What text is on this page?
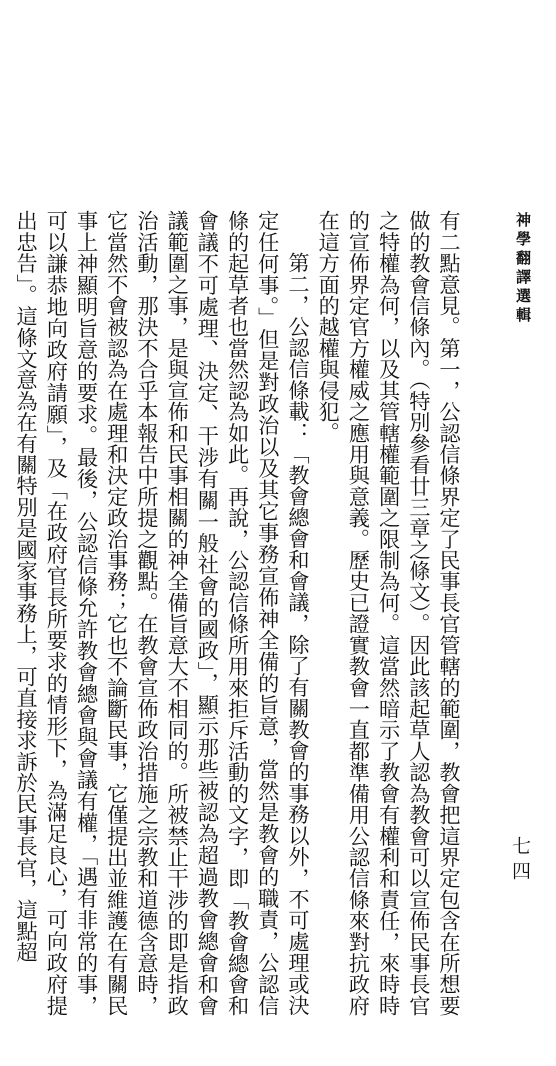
神學翻譯選輯
七四

有二點意見。第一，公認信條界定了民事長官管轄的範圍，教會把這界定包含在所想要做的教會信條內。（特別參看廿三章之條文）。因此該起草人認為教會可以宣佈民事長官之特權為何，以及其管轄權範圍之限制為何。這當然暗示了教會有權利和責任，來時時的宣佈界定官方權威之應用與意義。歷史已證實教會一直都準備用公認信條來對抗政府在這方面的越權與侵犯。

第二，公認信條載：「教會總會和會議，除了有關教會的事務以外，不可處理或決定任何事。」但是對政治以及其它事務宣佈神全備的旨意，當然是教會的職責，公認信條的起草者也當然認為如此。再說，公認信條所用來拒斥活動的文字，即「教會總會和會議不可處理、決定、干涉有關一般社會的國政」，顯示那些被認為超過教會總會和會議範圍之事，是與宣佈和民事相關的神全備旨意大不相同的。所被禁止干涉的即是指政治活動，那決不合乎本報告中所提之觀點。在教會宣佈政治措施之宗教和道德含意時，它當然不會被認為在處理和決定政治事務；它也不論斷民事，它僅提出並維護在有關民事上神顯明旨意的要求。最後，公認信條允許教會總會與會議有權，「遇有非常的事，可以謙恭地向政府請願」，及「在政府官長所要求的情形下，為滿足良心，可向政府提出忠告」。這條文意為在有關特別是國家事務上，可直接求訴於民事長官，這點超
